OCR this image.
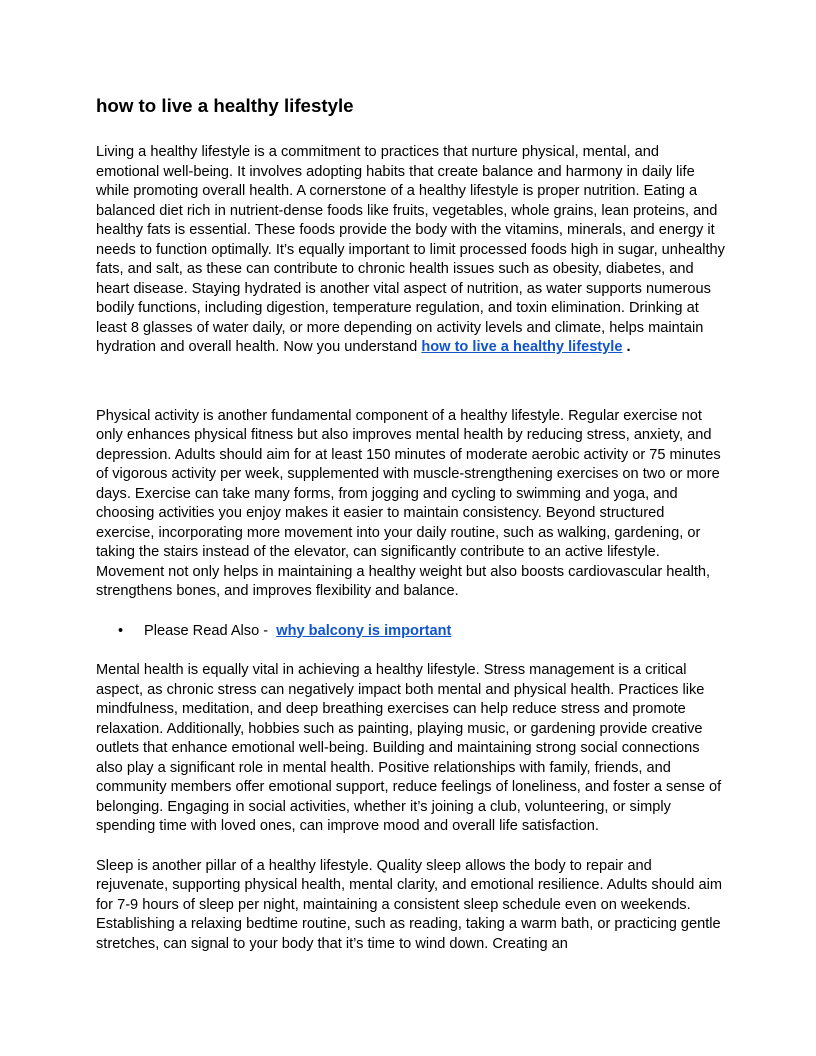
how to live a healthy lifestyle

Living a healthy lifestyle is a commitment to practices that nurture physical, mental, and emotional well-being. It involves adopting habits that create balance and harmony in daily life while promoting overall health. A cornerstone of a healthy lifestyle is proper nutrition. Eating a balanced diet rich in nutrient-dense foods like fruits, vegetables, whole grains, lean proteins, and healthy fats is essential. These foods provide the body with the vitamins, minerals, and energy it needs to function optimally. It’s equally important to limit processed foods high in sugar, unhealthy fats, and salt, as these can contribute to chronic health issues such as obesity, diabetes, and heart disease. Staying hydrated is another vital aspect of nutrition, as water supports numerous bodily functions, including digestion, temperature regulation, and toxin elimination. Drinking at least 8 glasses of water daily, or more depending on activity levels and climate, helps maintain hydration and overall health. Now you understand how to live a healthy lifestyle .

Physical activity is another fundamental component of a healthy lifestyle. Regular exercise not only enhances physical fitness but also improves mental health by reducing stress, anxiety, and depression. Adults should aim for at least 150 minutes of moderate aerobic activity or 75 minutes of vigorous activity per week, supplemented with muscle-strengthening exercises on two or more days. Exercise can take many forms, from jogging and cycling to swimming and yoga, and choosing activities you enjoy makes it easier to maintain consistency. Beyond structured exercise, incorporating more movement into your daily routine, such as walking, gardening, or taking the stairs instead of the elevator, can significantly contribute to an active lifestyle. Movement not only helps in maintaining a healthy weight but also boosts cardiovascular health, strengthens bones, and improves flexibility and balance.

• Please Read Also -  why balcony is important

Mental health is equally vital in achieving a healthy lifestyle. Stress management is a critical aspect, as chronic stress can negatively impact both mental and physical health. Practices like mindfulness, meditation, and deep breathing exercises can help reduce stress and promote relaxation. Additionally, hobbies such as painting, playing music, or gardening provide creative outlets that enhance emotional well-being. Building and maintaining strong social connections also play a significant role in mental health. Positive relationships with family, friends, and community members offer emotional support, reduce feelings of loneliness, and foster a sense of belonging. Engaging in social activities, whether it’s joining a club, volunteering, or simply spending time with loved ones, can improve mood and overall life satisfaction.

Sleep is another pillar of a healthy lifestyle. Quality sleep allows the body to repair and rejuvenate, supporting physical health, mental clarity, and emotional resilience. Adults should aim for 7-9 hours of sleep per night, maintaining a consistent sleep schedule even on weekends. Establishing a relaxing bedtime routine, such as reading, taking a warm bath, or practicing gentle stretches, can signal to your body that it’s time to wind down. Creating an
